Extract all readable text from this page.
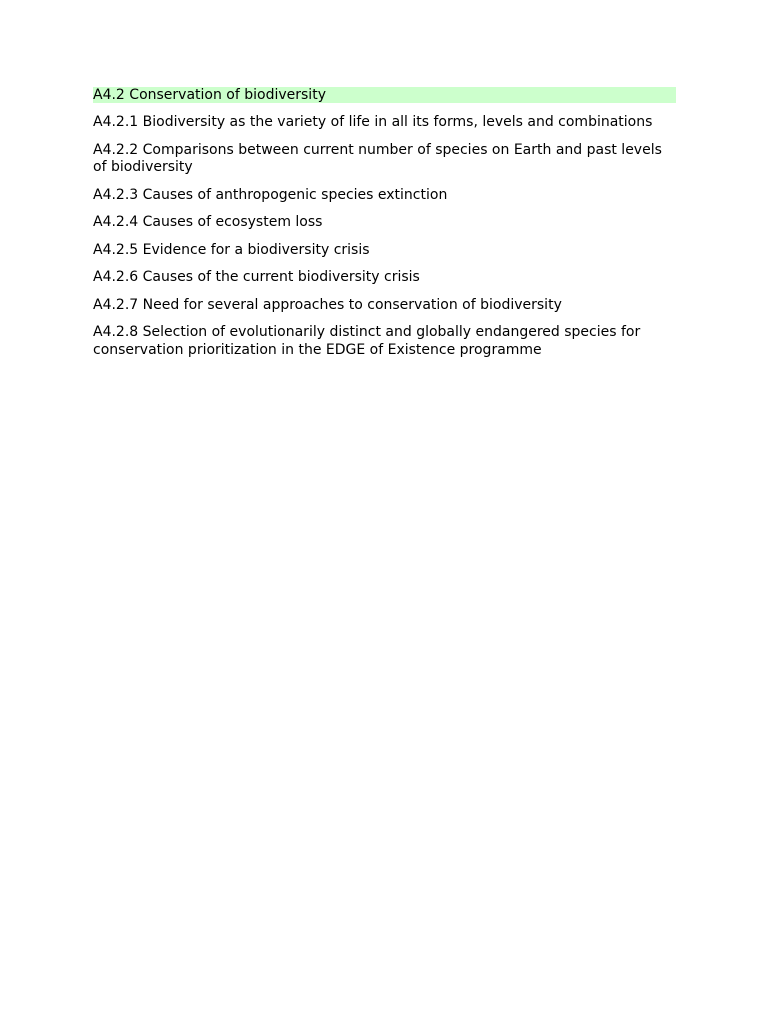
A4.2 Conservation of biodiversity
A4.2.1 Biodiversity as the variety of life in all its forms, levels and combinations
A4.2.2 Comparisons between current number of species on Earth and past levels of biodiversity
A4.2.3 Causes of anthropogenic species extinction
A4.2.4 Causes of ecosystem loss
A4.2.5 Evidence for a biodiversity crisis
A4.2.6 Causes of the current biodiversity crisis
A4.2.7 Need for several approaches to conservation of biodiversity
A4.2.8 Selection of evolutionarily distinct and globally endangered species for conservation prioritization in the EDGE of Existence programme
